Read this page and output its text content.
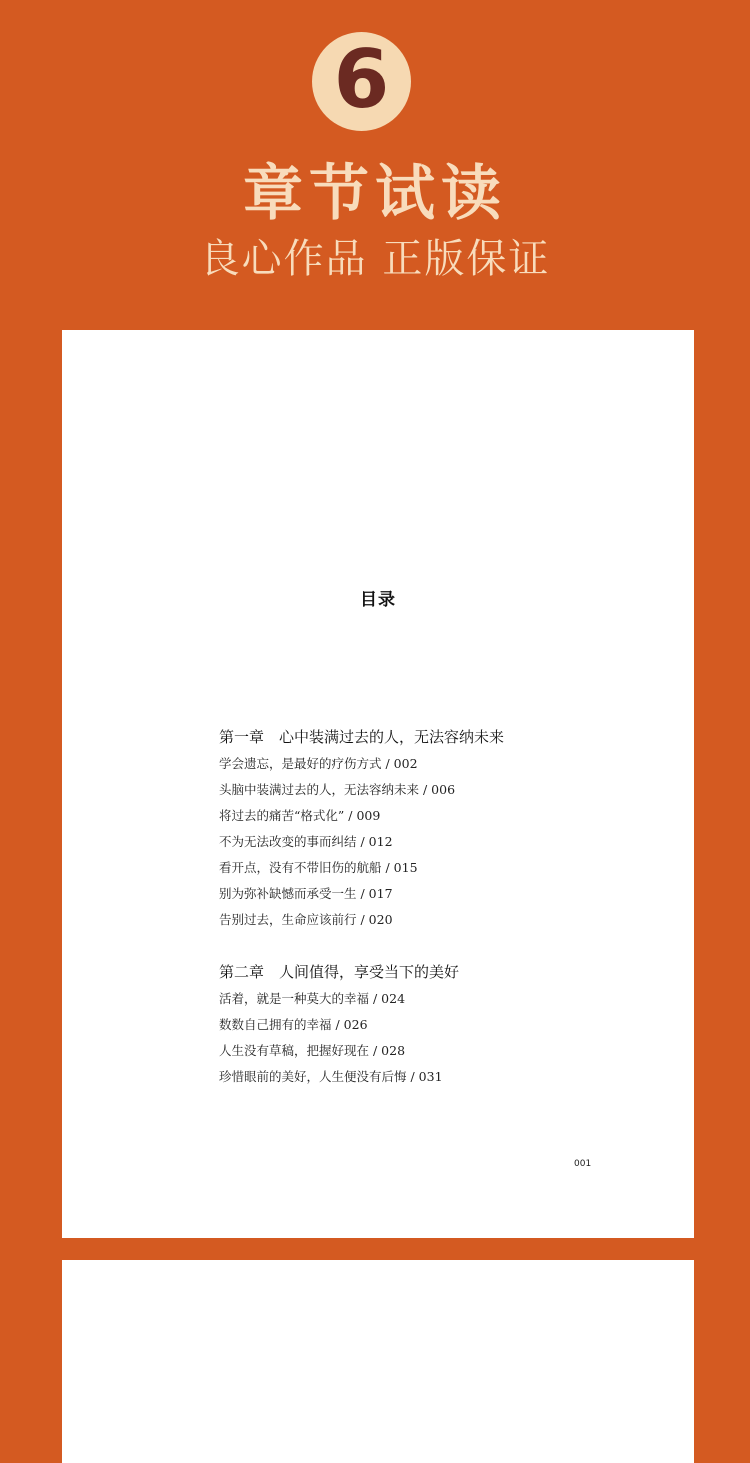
6
章节试读
良心作品 正版保证
目录
第一章　心中装满过去的人，无法容纳未来
学会遗忘，是最好的疗伤方式 / 002
头脑中装满过去的人，无法容纳未来 / 006
将过去的痛苦“格式化” / 009
不为无法改变的事而纠结 / 012
看开点，没有不带旧伤的航船 / 015
别为弥补缺憾而承受一生 / 017
告别过去，生命应该前行 / 020
第二章　人间值得，享受当下的美好
活着，就是一种莫大的幸福 / 024
数数自己拥有的幸福 / 026
人生没有草稿，把握好现在 / 028
珍惜眼前的美好，人生便没有后悔 / 031
001
